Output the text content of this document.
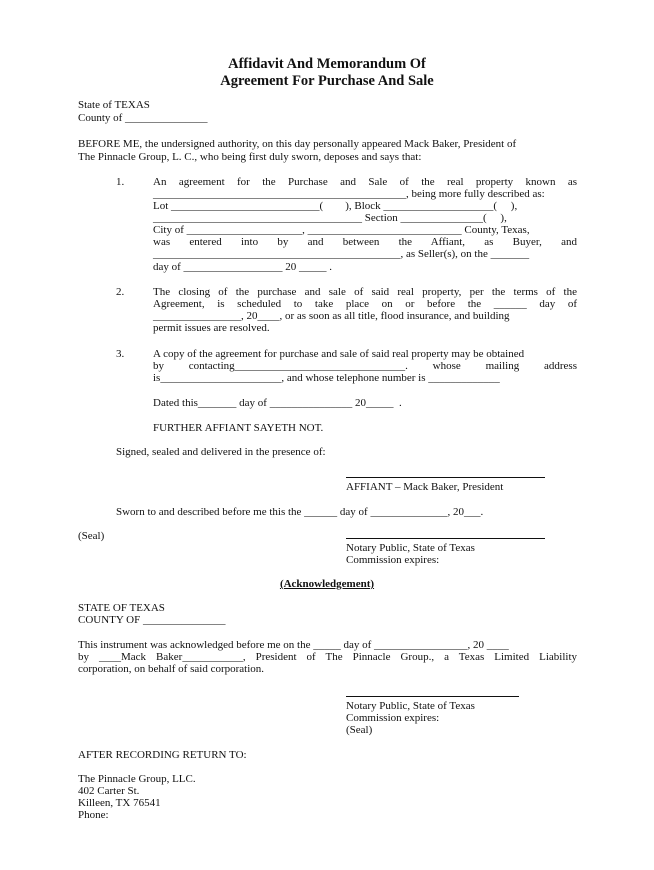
Affidavit And Memorandum Of
Agreement For Purchase And Sale
State of TEXAS
County of _______________
BEFORE ME, the undersigned authority, on this day personally appeared Mack Baker, President of
The Pinnacle Group, L. C., who being first duly sworn, deposes and says that:
1.	An agreement for the Purchase and Sale of the real property known as
______________________________________________, being more fully described as:
Lot ___________________________(        ), Block ____________________(     ),
______________________________________ Section _______________(     ),
City of _____________________, ____________________________ County, Texas,
was entered into by and between the Affiant, as Buyer, and
_____________________________________________, as Seller(s), on the _______
day of __________________ 20 _____ .
2.	The closing of the purchase and sale of said real property, per the terms of the
Agreement, is scheduled to take place on or before the ______ day of
________________, 20____, or as soon as all title, flood insurance, and building
permit issues are resolved.
3.	A copy of the agreement for purchase and sale of said real property may be obtained
by contacting_______________________________. whose mailing address
is______________________, and whose telephone number is _____________
Dated this_______ day of _______________ 20_____  .
FURTHER AFFIANT SAYETH NOT.
Signed, sealed and delivered in the presence of:
AFFIANT – Mack Baker, President
Sworn to and described before me this the ______ day of ______________, 20___.
(Seal)
Notary Public, State of Texas
Commission expires:
(Acknowledgement)
STATE OF TEXAS
COUNTY OF _______________
This instrument was acknowledged before me on the _____ day of _________________, 20 ____
by ____Mack Baker___________, President of The Pinnacle Group., a Texas Limited Liability
corporation, on behalf of said corporation.
Notary Public, State of Texas
Commission expires:
(Seal)
AFTER RECORDING RETURN TO:
The Pinnacle Group, LLC.
402 Carter St.
Killeen, TX 76541
Phone:
